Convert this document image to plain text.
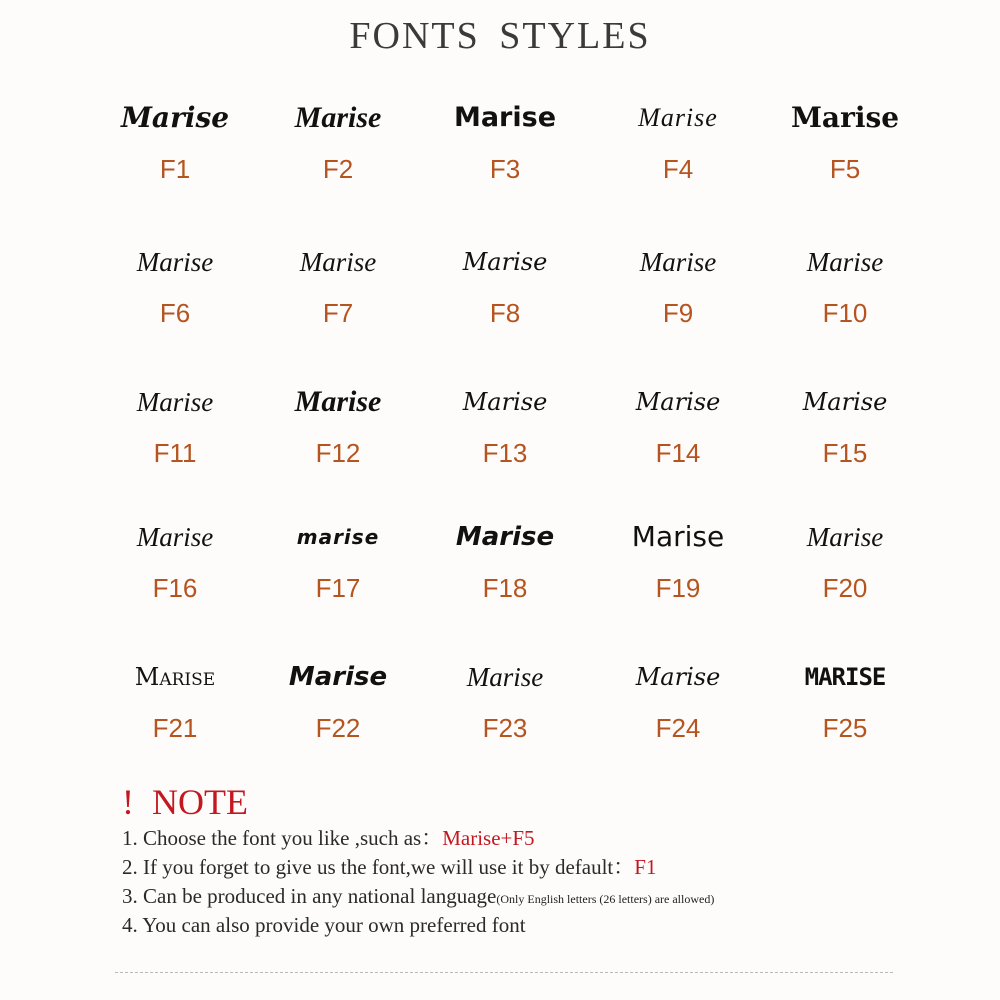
FONTS STYLES
Marise
F1
Marise
F2
Marise
F3
Marise
F4
Marise
F5
Marise
F6
Marise
F7
Marise
F8
Marise
F9
Marise
F10
Marise
F11
Marise
F12
Marise
F13
Marise
F14
Marise
F15
Marise
F16
marise
F17
Marise
F18
Marise
F19
Marise
F20
Marise
F21
Marise
F22
Marise
F23
Marise
F24
MARISE
F25
! NOTE
1. Choose the font you like ,such as：Marise+F5
2. If you forget to give us the font,we will use it by default：F1
3. Can be produced in any national language(Only English letters (26 letters) are allowed)
4. You can also provide your own preferred font
